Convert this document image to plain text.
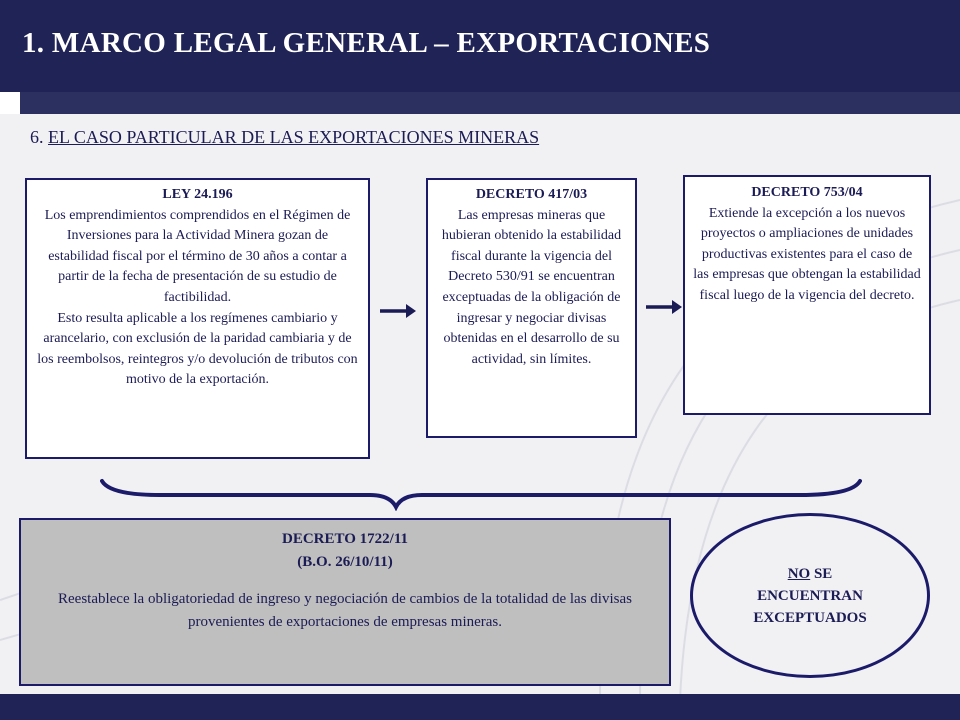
1. MARCO LEGAL GENERAL – EXPORTACIONES
6. EL CASO PARTICULAR DE LAS EXPORTACIONES MINERAS
LEY 24.196
Los emprendimientos comprendidos en el Régimen de Inversiones para la Actividad Minera gozan de estabilidad fiscal por el término de 30 años a contar a partir de la fecha de presentación de su estudio de factibilidad.
Esto resulta aplicable a los regímenes cambiario y arancelario, con exclusión de la paridad cambiaria y de los reembolsos, reintegros y/o devolución de tributos con motivo de la exportación.
DECRETO 417/03
Las empresas mineras que hubieran obtenido la estabilidad fiscal durante la vigencia del Decreto 530/91 se encuentran exceptuadas de la obligación de ingresar y negociar divisas obtenidas en el desarrollo de su actividad, sin límites.
DECRETO 753/04
Extiende la excepción a los nuevos proyectos o ampliaciones de unidades productivas existentes para el caso de las empresas que obtengan la estabilidad fiscal luego de la vigencia del decreto.
DECRETO 1722/11
(B.O. 26/10/11)
Reestablece la obligatoriedad de ingreso y negociación de cambios de la totalidad de las divisas provenientes de exportaciones de empresas mineras.
NO SE
ENCUENTRAN
EXCEPTUADOS
